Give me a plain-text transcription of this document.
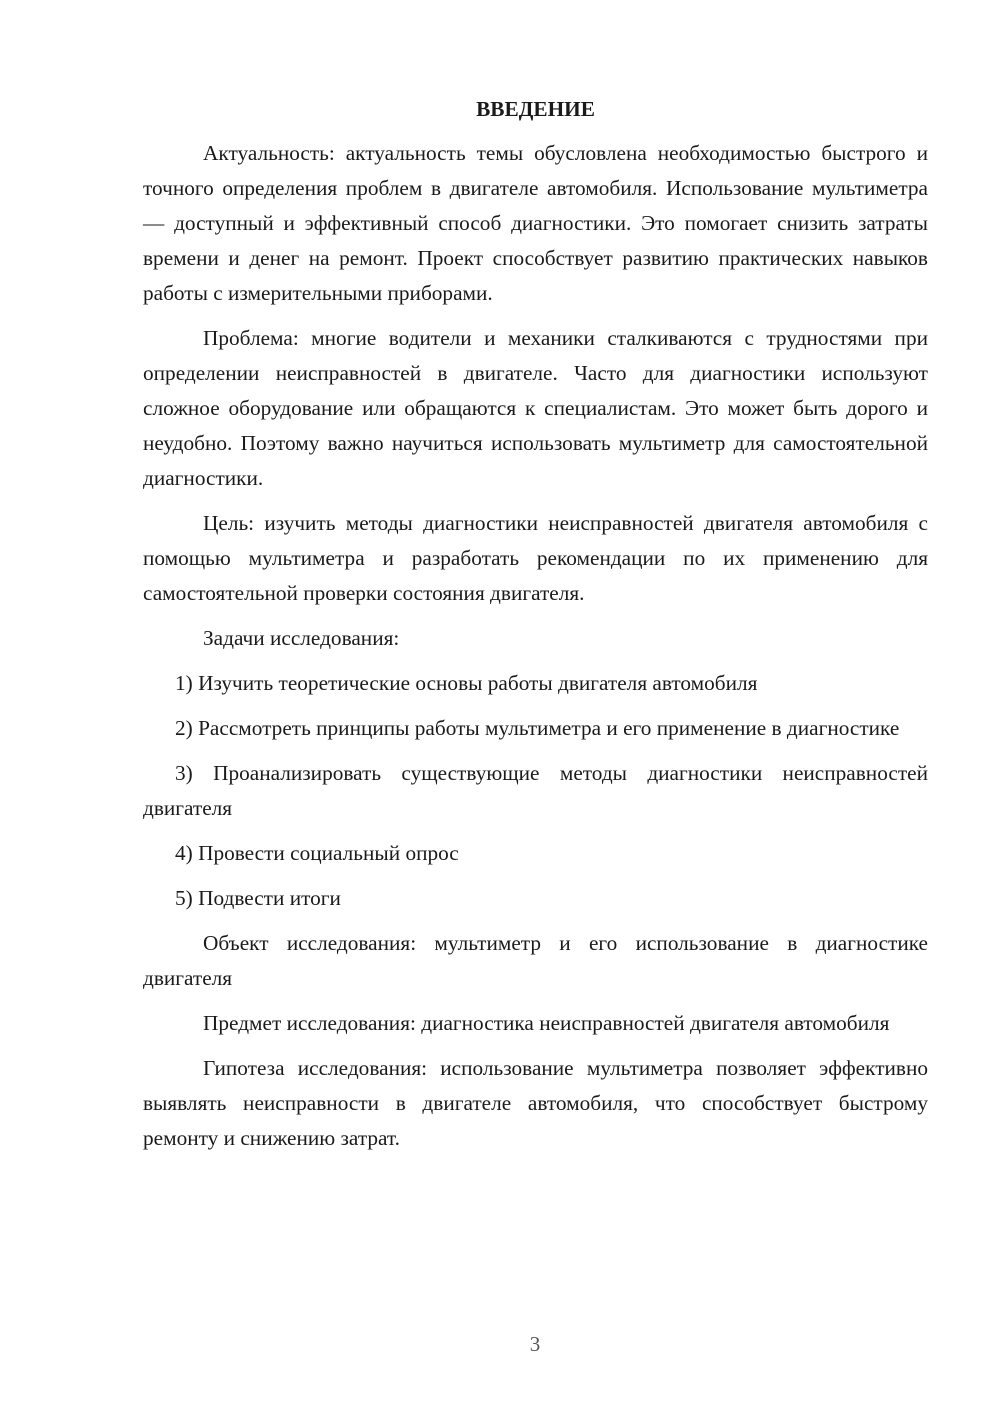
ВВЕДЕНИЕ

Актуальность: актуальность темы обусловлена необходимостью быстрого и точного определения проблем в двигателе автомобиля. Использование мультиметра — доступный и эффективный способ диагностики. Это помогает снизить затраты времени и денег на ремонт. Проект способствует развитию практических навыков работы с измерительными приборами.

Проблема: многие водители и механики сталкиваются с трудностями при определении неисправностей в двигателе. Часто для диагностики используют сложное оборудование или обращаются к специалистам. Это может быть дорого и неудобно. Поэтому важно научиться использовать мультиметр для самостоятельной диагностики.

Цель: изучить методы диагностики неисправностей двигателя автомобиля с помощью мультиметра и разработать рекомендации по их применению для самостоятельной проверки состояния двигателя.

Задачи исследования:

1) Изучить теоретические основы работы двигателя автомобиля

2) Рассмотреть принципы работы мультиметра и его применение в диагностике

3) Проанализировать существующие методы диагностики неисправностей двигателя

4) Провести социальный опрос

5) Подвести итоги

Объект исследования: мультиметр и его использование в диагностике двигателя

Предмет исследования: диагностика неисправностей двигателя автомобиля

Гипотеза исследования: использование мультиметра позволяет эффективно выявлять неисправности в двигателе автомобиля, что способствует быстрому ремонту и снижению затрат.

3
